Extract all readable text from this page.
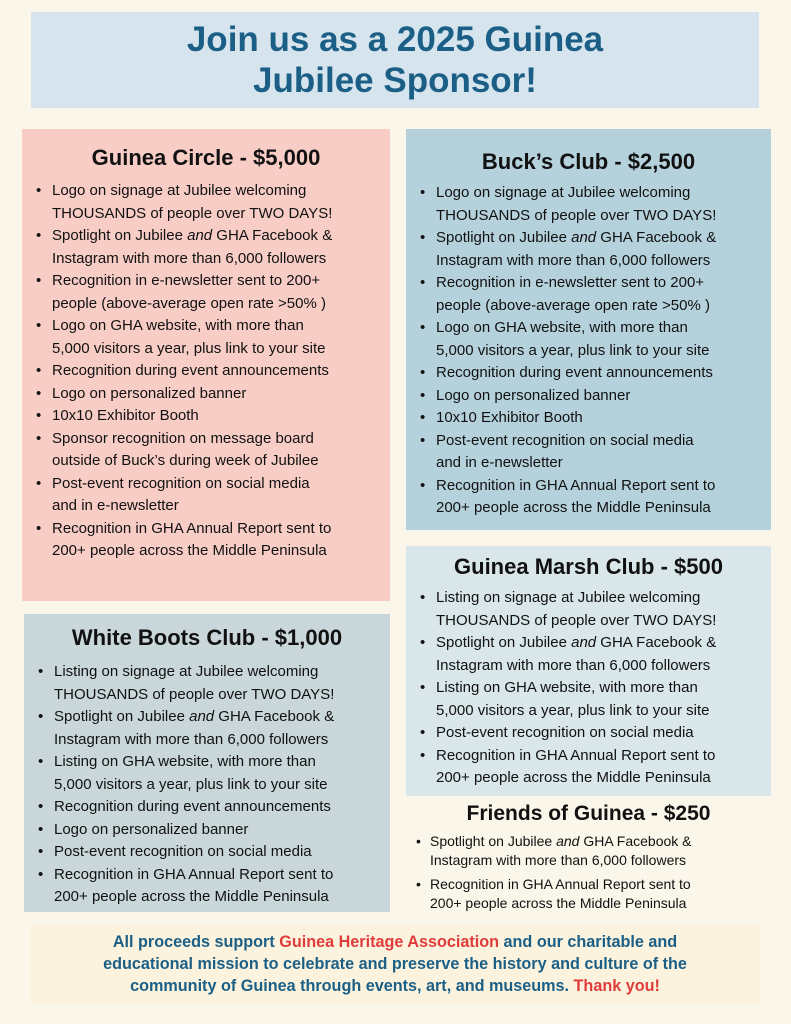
Join us as a 2025 Guinea
Jubilee Sponsor!
Guinea Circle - $5,000
• Logo on signage at Jubilee welcoming
THOUSANDS of people over TWO DAYS!
• Spotlight on Jubilee and GHA Facebook &
Instagram with more than 6,000 followers
• Recognition in e-newsletter sent to 200+
people (above-average open rate >50% )
• Logo on GHA website, with more than
5,000 visitors a year, plus link to your site
• Recognition during event announcements
• Logo on personalized banner
• 10x10 Exhibitor Booth
• Sponsor recognition on message board
outside of Buck’s during week of Jubilee
• Post-event recognition on social media
and in e-newsletter
• Recognition in GHA Annual Report sent to
200+ people across the Middle Peninsula
Buck’s Club - $2,500
• Logo on signage at Jubilee welcoming
THOUSANDS of people over TWO DAYS!
• Spotlight on Jubilee and GHA Facebook &
Instagram with more than 6,000 followers
• Recognition in e-newsletter sent to 200+
people (above-average open rate >50% )
• Logo on GHA website, with more than
5,000 visitors a year, plus link to your site
• Recognition during event announcements
• Logo on personalized banner
• 10x10 Exhibitor Booth
• Post-event recognition on social media
and in e-newsletter
• Recognition in GHA Annual Report sent to
200+ people across the Middle Peninsula
White Boots Club - $1,000
• Listing on signage at Jubilee welcoming
THOUSANDS of people over TWO DAYS!
• Spotlight on Jubilee and GHA Facebook &
Instagram with more than 6,000 followers
• Listing on GHA website, with more than
5,000 visitors a year, plus link to your site
• Recognition during event announcements
• Logo on personalized banner
• Post-event recognition on social media
• Recognition in GHA Annual Report sent to
200+ people across the Middle Peninsula
Guinea Marsh Club - $500
• Listing on signage at Jubilee welcoming
THOUSANDS of people over TWO DAYS!
• Spotlight on Jubilee and GHA Facebook &
Instagram with more than 6,000 followers
• Listing on GHA website, with more than
5,000 visitors a year, plus link to your site
• Post-event recognition on social media
• Recognition in GHA Annual Report sent to
200+ people across the Middle Peninsula
Friends of Guinea - $250
• Spotlight on Jubilee and GHA Facebook &
Instagram with more than 6,000 followers
• Recognition in GHA Annual Report sent to
200+ people across the Middle Peninsula

All proceeds support Guinea Heritage Association and our charitable and
educational mission to celebrate and preserve the history and culture of the
community of Guinea through events, art, and museums. Thank you!
